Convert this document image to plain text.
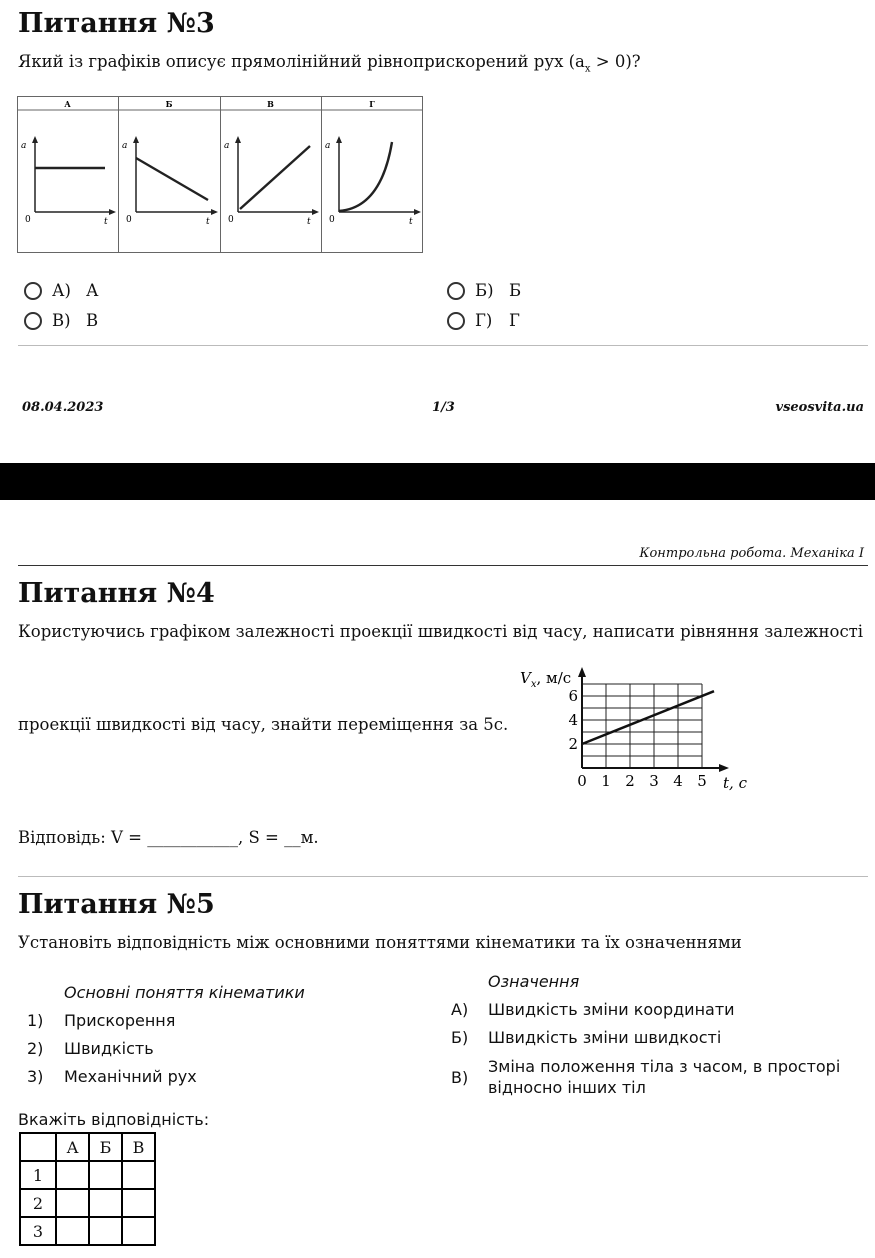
Питання №3
Який із графіків описує прямолінійний рівноприскорений рух $(a_x > 0)$?
А	Б	В	Г
a
0	t
a
0	t
a
0	t
a
0	t
А) А	Б) Б
В) В	Г)	Г
08.04.2023	1/3	vseosvita.ua
Контрольна робота. Механіка І
Питання №4
Користуючись графіком залежності проекції швидкості від часу, написати рівняння залежності
проекції швидкості від часу, знайти переміщення за 5с.
0 1 2 3 4 5
2
4
6
$V_x$, м/с
t, с
Відповідь: V = ___________, S = __м.
Питання №5
Установіть відповідність між основними поняттями кінематики та їх означеннями
Основні поняття кінематики
1) Прискорення
2) Швидкість
3) Механічний рух
Означення
А) Швидкість зміни координати
Б) Швидкість зміни швидкості
В)
Зміна положення тіла з часом, в просторі відносно інших тіл
Вкажіть відповідність:
	А	Б	В
1			
2			
3			
